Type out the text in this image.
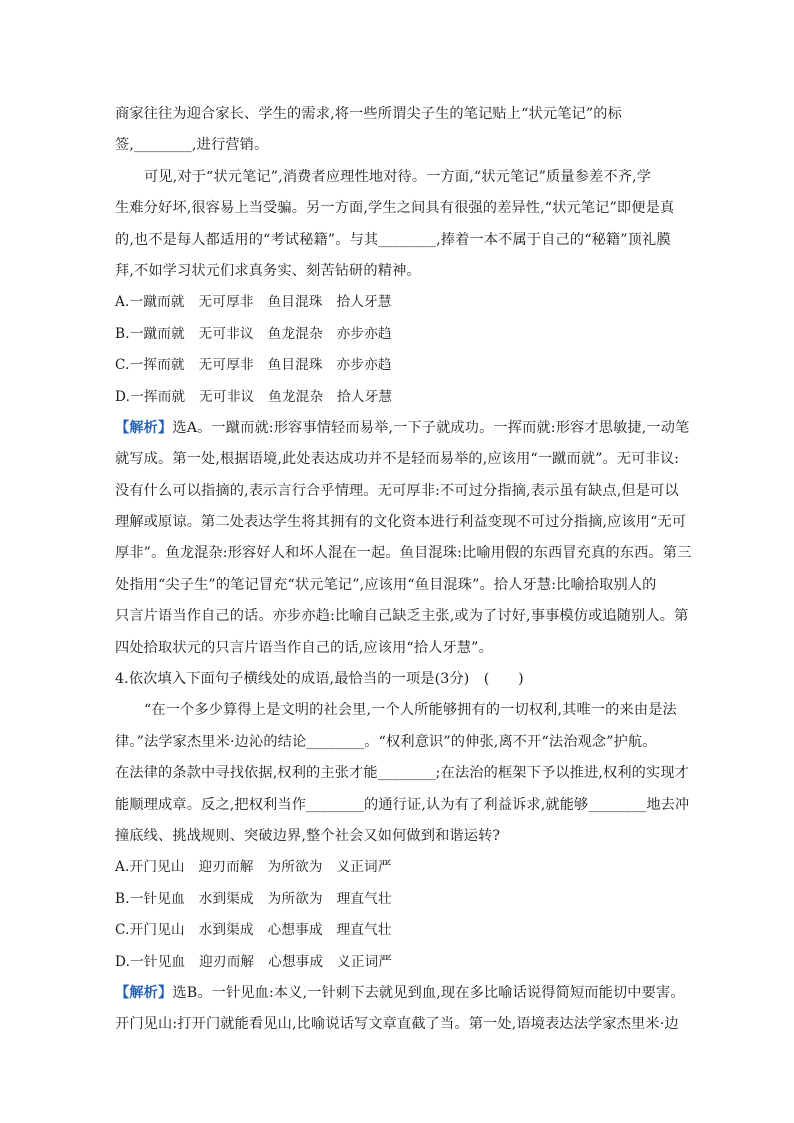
商家往往为迎合家长、学生的需求,将一些所谓尖子生的笔记贴上“状元笔记”的标
签,________,进行营销。
可见,对于“状元笔记”,消费者应理性地对待。一方面,“状元笔记”质量参差不齐,学
生难分好坏,很容易上当受骗。另一方面,学生之间具有很强的差异性,“状元笔记”即便是真
的,也不是每人都适用的“考试秘籍”。与其________,捧着一本不属于自己的“秘籍”顶礼膜
拜,不如学习状元们求真务实、刻苦钻研的精神。
A.一蹴而就　无可厚非　鱼目混珠　拾人牙慧
B.一蹴而就　无可非议　鱼龙混杂　亦步亦趋
C.一挥而就　无可厚非　鱼目混珠　亦步亦趋
D.一挥而就　无可非议　鱼龙混杂　拾人牙慧
【解析】选A。一蹴而就:形容事情轻而易举,一下子就成功。一挥而就:形容才思敏捷,一动笔
就写成。第一处,根据语境,此处表达成功并不是轻而易举的,应该用“一蹴而就”。无可非议:
没有什么可以指摘的,表示言行合乎情理。无可厚非:不可过分指摘,表示虽有缺点,但是可以
理解或原谅。第二处表达学生将其拥有的文化资本进行利益变现不可过分指摘,应该用“无可
厚非”。鱼龙混杂:形容好人和坏人混在一起。鱼目混珠:比喻用假的东西冒充真的东西。第三
处指用“尖子生”的笔记冒充“状元笔记”,应该用“鱼目混珠”。拾人牙慧:比喻拾取别人的
只言片语当作自己的话。亦步亦趋:比喻自己缺乏主张,或为了讨好,事事模仿或追随别人。第
四处拾取状元的只言片语当作自己的话,应该用“拾人牙慧”。
4.依次填入下面句子横线处的成语,最恰当的一项是(3分)　(　　)
“在一个多少算得上是文明的社会里,一个人所能够拥有的一切权利,其唯一的来由是法
律。”法学家杰里米·边沁的结论________。“权利意识”的伸张,离不开“法治观念”护航。
在法律的条款中寻找依据,权利的主张才能________;在法治的框架下予以推进,权利的实现才
能顺理成章。反之,把权利当作________的通行证,认为有了利益诉求,就能够________地去冲
撞底线、挑战规则、突破边界,整个社会又如何做到和谐运转?
A.开门见山　迎刃而解　为所欲为　义正词严
B.一针见血　水到渠成　为所欲为　理直气壮
C.开门见山　水到渠成　心想事成　理直气壮
D.一针见血　迎刃而解　心想事成　义正词严
【解析】选B。一针见血:本义,一针刺下去就见到血,现在多比喻话说得简短而能切中要害。
开门见山:打开门就能看见山,比喻说话写文章直截了当。第一处,语境表达法学家杰里米·边
